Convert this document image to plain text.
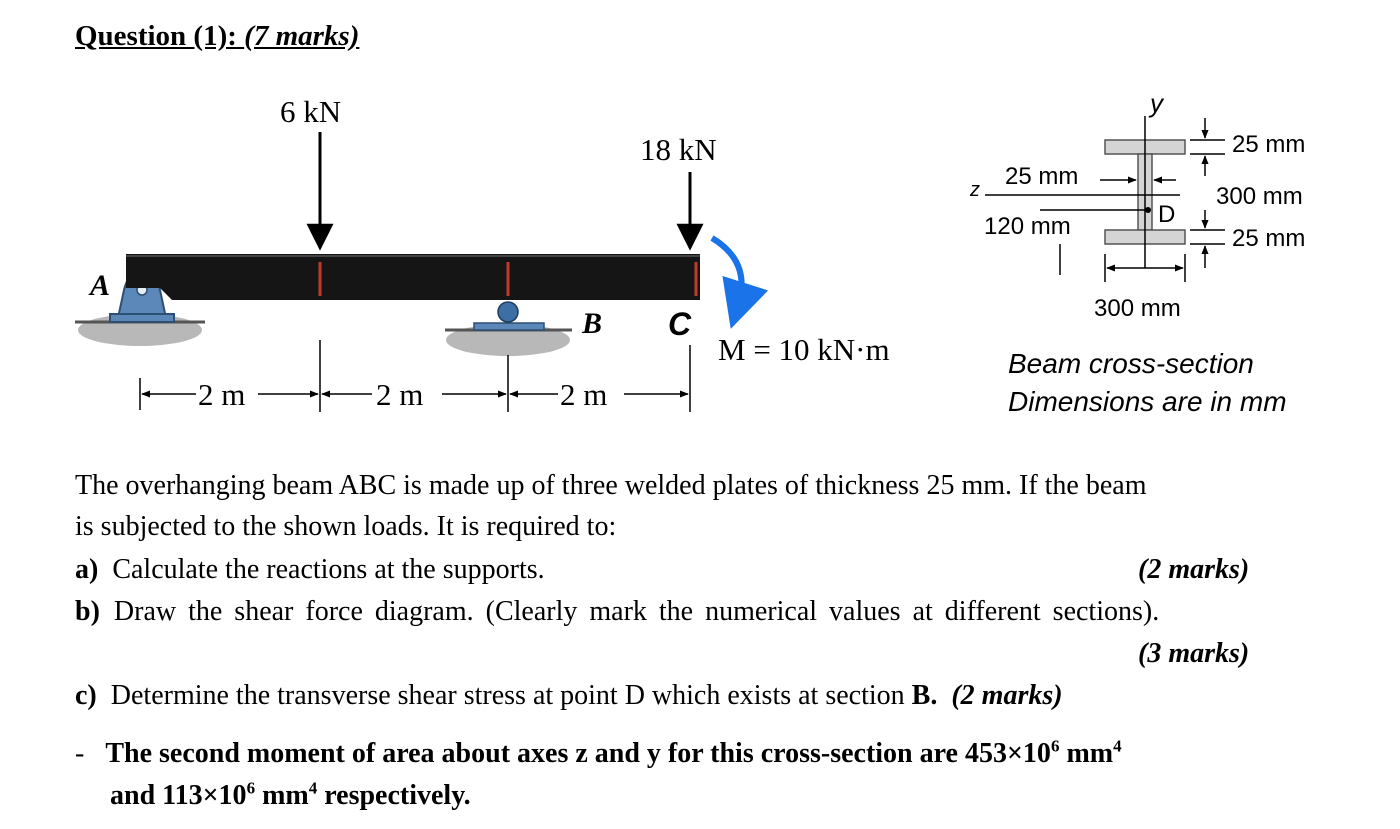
Question (1): (7 marks)
A
B C
6 kN
18 kN
M = 10 kN·m
2 m	2 m	2 m
y
z
D
25 mm
120 mm
25 mm
300 mm
25 mm
300 mm
Beam cross-section
Dimensions are in mm
The overhanging beam ABC is made up of three welded plates of thickness 25 mm. If the beam
is subjected to the shown loads. It is required to:
a) Calculate the reactions at the supports.	(2 marks)
b) Draw the shear force diagram. (Clearly mark the numerical values at different sections).
(3 marks)
c) Determine the transverse shear stress at point D which exists at section B. (2 marks)
- The second moment of area about axes z and y for this cross-section are $453\times 10^6$ $mm^4$
and $113\times 10^6$ $mm^4$ respectively.
